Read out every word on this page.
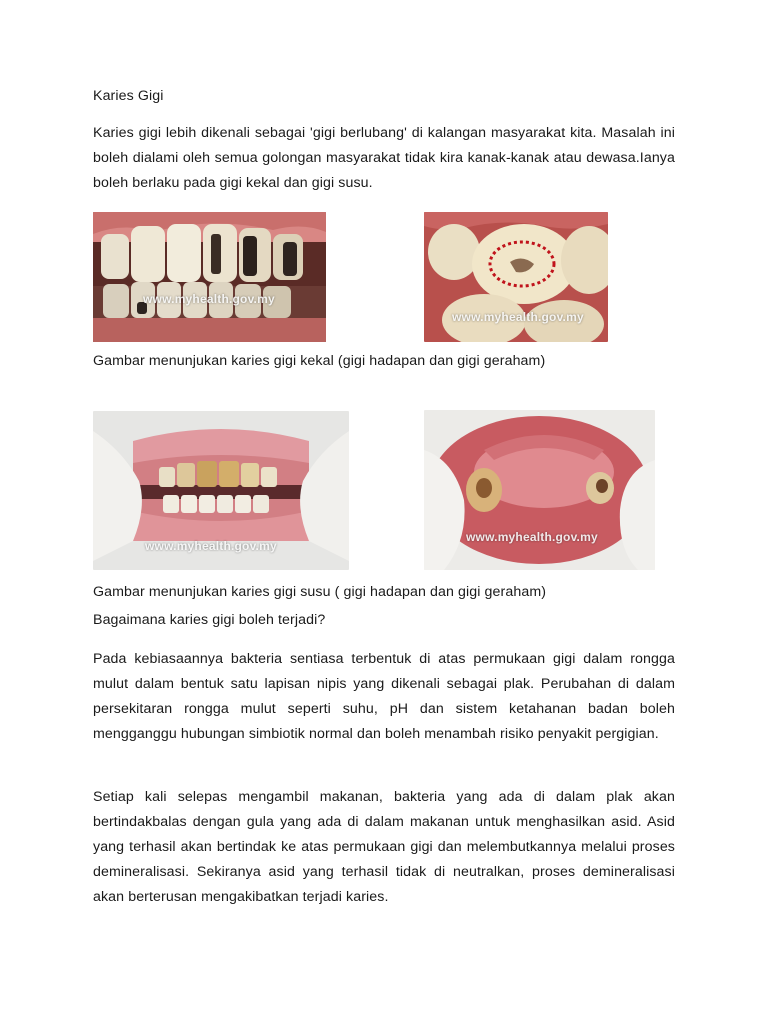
Karies Gigi
Karies gigi lebih dikenali sebagai 'gigi berlubang' di kalangan masyarakat kita. Masalah ini boleh dialami oleh semua golongan masyarakat tidak kira kanak-kanak atau dewasa.Ianya boleh berlaku pada gigi kekal dan gigi susu.
www.myhealth.gov.my
www.myhealth.gov.my
Gambar menunjukan karies gigi kekal (gigi hadapan dan gigi geraham)
www.myhealth.gov.my
www.myhealth.gov.my
Gambar menunjukan karies gigi susu ( gigi hadapan dan gigi geraham)
Bagaimana karies gigi boleh terjadi?
Pada kebiasaannya bakteria sentiasa terbentuk di atas permukaan gigi dalam rongga mulut dalam bentuk satu lapisan nipis yang dikenali sebagai plak. Perubahan di dalam persekitaran rongga mulut seperti suhu, pH dan sistem ketahanan badan boleh mengganggu hubungan simbiotik normal dan boleh menambah risiko penyakit pergigian.
Setiap kali selepas mengambil makanan, bakteria yang ada di dalam plak akan bertindakbalas dengan gula yang ada di dalam makanan untuk menghasilkan asid. Asid yang terhasil akan bertindak ke atas permukaan gigi dan melembutkannya melalui proses demineralisasi. Sekiranya asid yang terhasil tidak di neutralkan, proses demineralisasi akan berterusan mengakibatkan terjadi karies.
